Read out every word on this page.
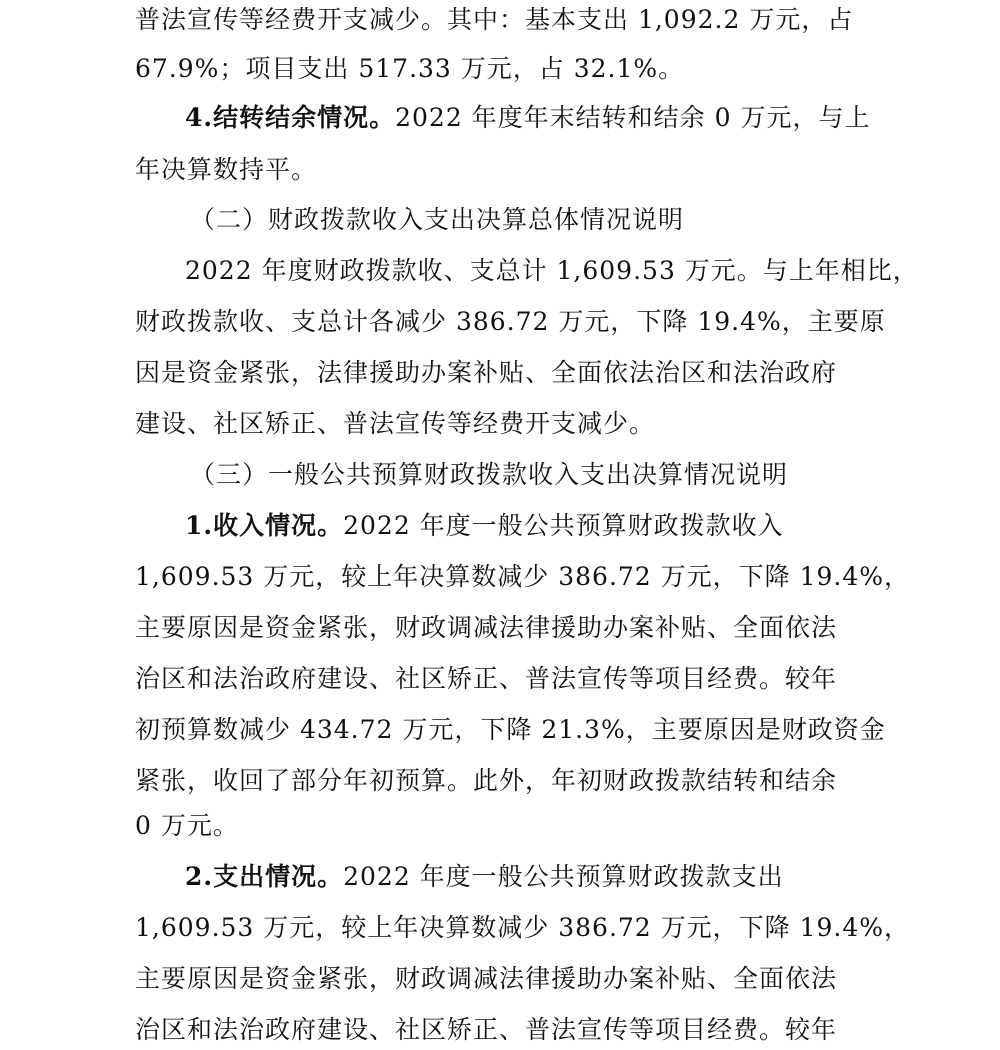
普法宣传等经费开支减少。其中：基本支出 1,092.2 万元，占
67.9%；项目支出 517.33 万元，占 32.1%。
4.结转结余情况。2022 年度年末结转和结余 0 万元，与上
年决算数持平。
（二）财政拨款收入支出决算总体情况说明
2022 年度财政拨款收、支总计 1,609.53 万元。与上年相比，
财政拨款收、支总计各减少 386.72 万元，下降 19.4%，主要原
因是资金紧张，法律援助办案补贴、全面依法治区和法治政府
建设、社区矫正、普法宣传等经费开支减少。
（三）一般公共预算财政拨款收入支出决算情况说明
1.收入情况。2022 年度一般公共预算财政拨款收入
1,609.53 万元，较上年决算数减少 386.72 万元，下降 19.4%，
主要原因是资金紧张，财政调减法律援助办案补贴、全面依法
治区和法治政府建设、社区矫正、普法宣传等项目经费。较年
初预算数减少 434.72 万元，下降 21.3%，主要原因是财政资金
紧张，收回了部分年初预算。此外，年初财政拨款结转和结余
0 万元。
2.支出情况。2022 年度一般公共预算财政拨款支出
1,609.53 万元，较上年决算数减少 386.72 万元，下降 19.4%，
主要原因是资金紧张，财政调减法律援助办案补贴、全面依法
治区和法治政府建设、社区矫正、普法宣传等项目经费。较年
